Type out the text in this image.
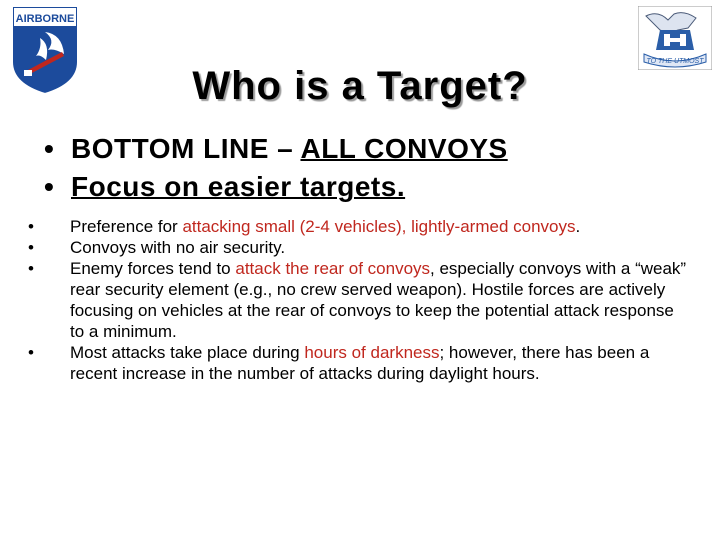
AIRBORNE
TO THE UTMOST
Who is a Target?
• BOTTOM LINE – ALL CONVOYS
• Focus on easier targets.
• Preference for attacking small (2-4 vehicles), lightly-armed convoys.
• Convoys with no air security.
• Enemy forces tend to attack the rear of convoys, especially convoys with a “weak” rear security element (e.g., no crew served weapon). Hostile forces are actively focusing on vehicles at the rear of convoys to keep the potential attack response to a minimum.
• Most attacks take place during hours of darkness; however, there has been a recent increase in the number of attacks during daylight hours.
